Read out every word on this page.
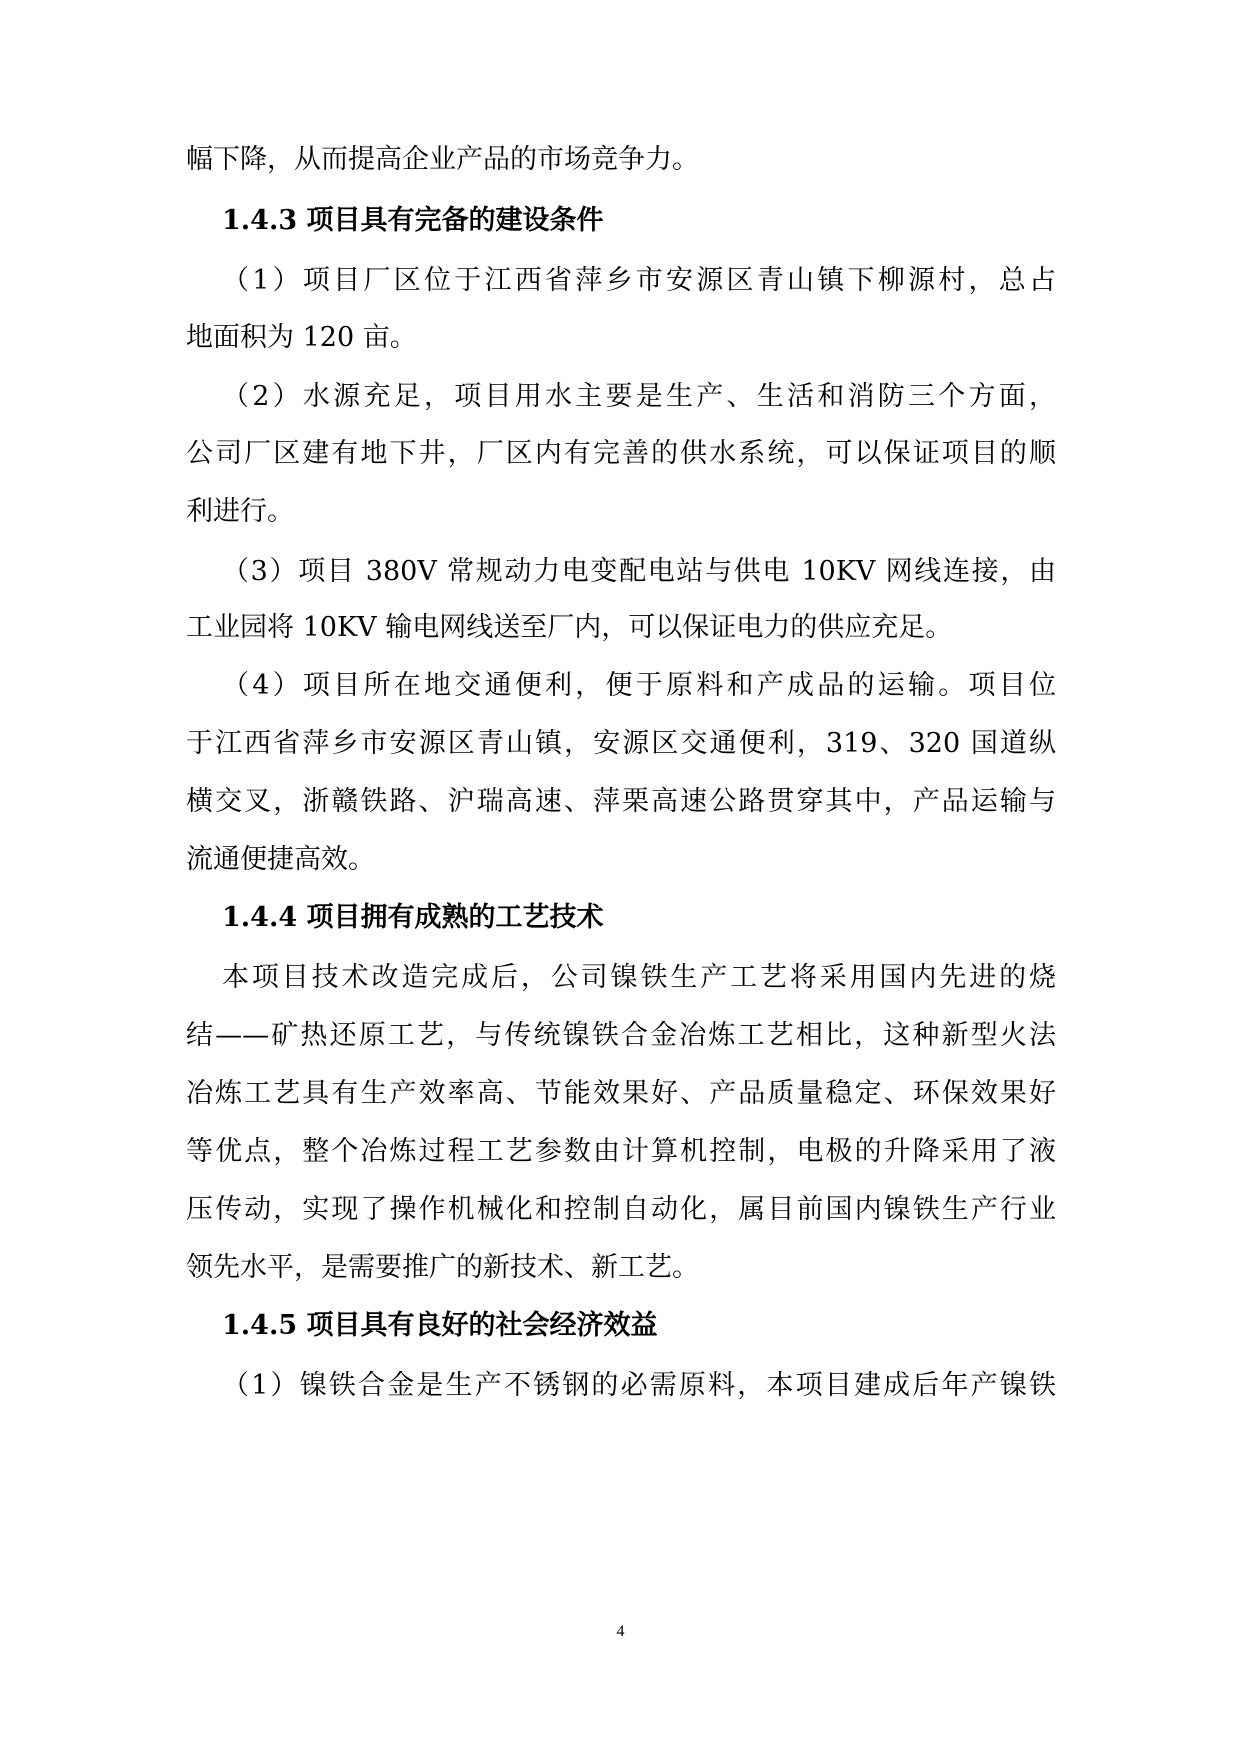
幅下降，从而提高企业产品的市场竞争力。
1.4.3 项目具有完备的建设条件
（1）项目厂区位于江西省萍乡市安源区青山镇下柳源村，总占
地面积为 120 亩。
（2）水源充足，项目用水主要是生产、生活和消防三个方面，
公司厂区建有地下井，厂区内有完善的供水系统，可以保证项目的顺
利进行。
（3）项目 380V 常规动力电变配电站与供电 10KV 网线连接，由
工业园将 10KV 输电网线送至厂内，可以保证电力的供应充足。
（4）项目所在地交通便利，便于原料和产成品的运输。项目位
于江西省萍乡市安源区青山镇，安源区交通便利，319、320 国道纵
横交叉，浙赣铁路、沪瑞高速、萍栗高速公路贯穿其中，产品运输与
流通便捷高效。
1.4.4 项目拥有成熟的工艺技术
本项目技术改造完成后，公司镍铁生产工艺将采用国内先进的烧
结——矿热还原工艺，与传统镍铁合金冶炼工艺相比，这种新型火法
冶炼工艺具有生产效率高、节能效果好、产品质量稳定、环保效果好
等优点，整个冶炼过程工艺参数由计算机控制，电极的升降采用了液
压传动，实现了操作机械化和控制自动化，属目前国内镍铁生产行业
领先水平，是需要推广的新技术、新工艺。
1.4.5 项目具有良好的社会经济效益
（1）镍铁合金是生产不锈钢的必需原料，本项目建成后年产镍铁
4
